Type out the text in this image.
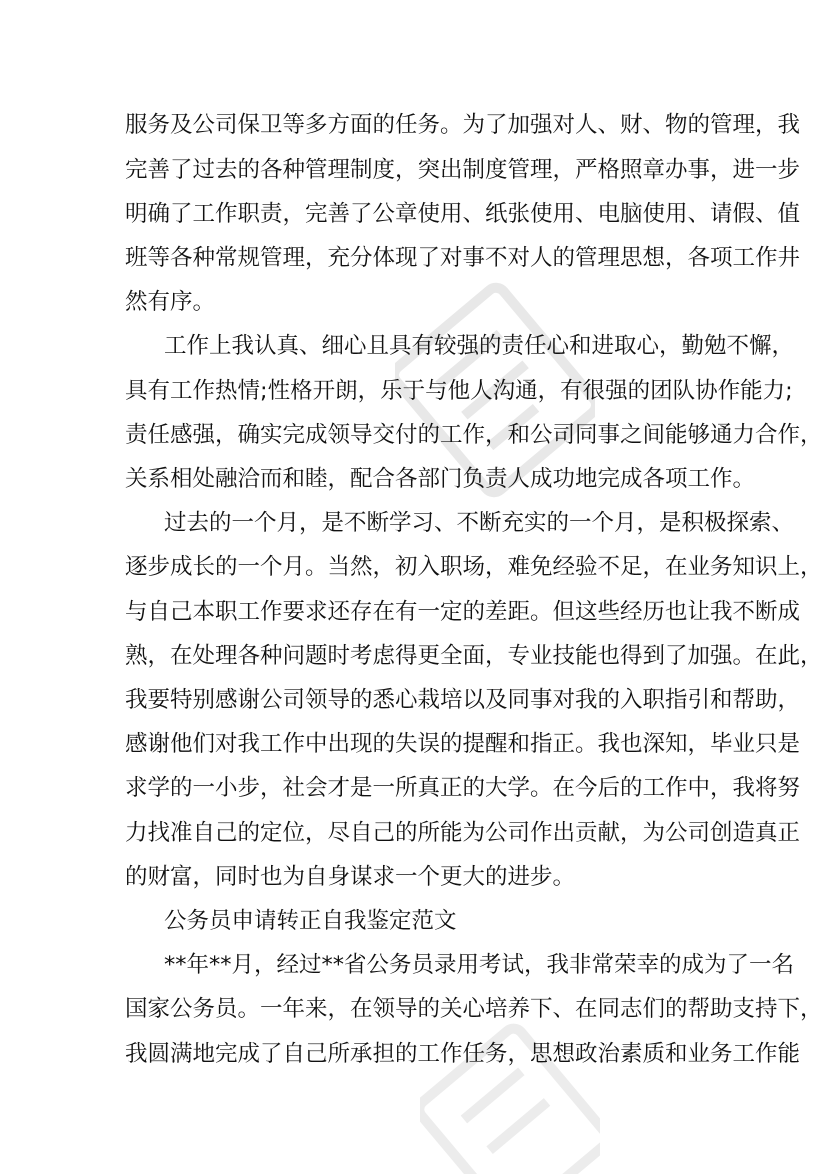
服务及公司保卫等多方面的任务。为了加强对人、财、物的管理，我
完善了过去的各种管理制度，突出制度管理，严格照章办事，进一步
明确了工作职责，完善了公章使用、纸张使用、电脑使用、请假、值
班等各种常规管理，充分体现了对事不对人的管理思想，各项工作井
然有序。
工作上我认真、细心且具有较强的责任心和进取心，勤勉不懈，
具有工作热情;性格开朗，乐于与他人沟通，有很强的团队协作能力;
责任感强，确实完成领导交付的工作，和公司同事之间能够通力合作，
关系相处融洽而和睦，配合各部门负责人成功地完成各项工作。
过去的一个月，是不断学习、不断充实的一个月，是积极探索、
逐步成长的一个月。当然，初入职场，难免经验不足，在业务知识上，
与自己本职工作要求还存在有一定的差距。但这些经历也让我不断成
熟，在处理各种问题时考虑得更全面，专业技能也得到了加强。在此，
我要特别感谢公司领导的悉心栽培以及同事对我的入职指引和帮助，
感谢他们对我工作中出现的失误的提醒和指正。我也深知，毕业只是
求学的一小步，社会才是一所真正的大学。在今后的工作中，我将努
力找准自己的定位，尽自己的所能为公司作出贡献，为公司创造真正
的财富，同时也为自身谋求一个更大的进步。
公务员申请转正自我鉴定范文
**年**月，经过**省公务员录用考试，我非常荣幸的成为了一名
国家公务员。一年来，在领导的关心培养下、在同志们的帮助支持下，
我圆满地完成了自己所承担的工作任务，思想政治素质和业务工作能
